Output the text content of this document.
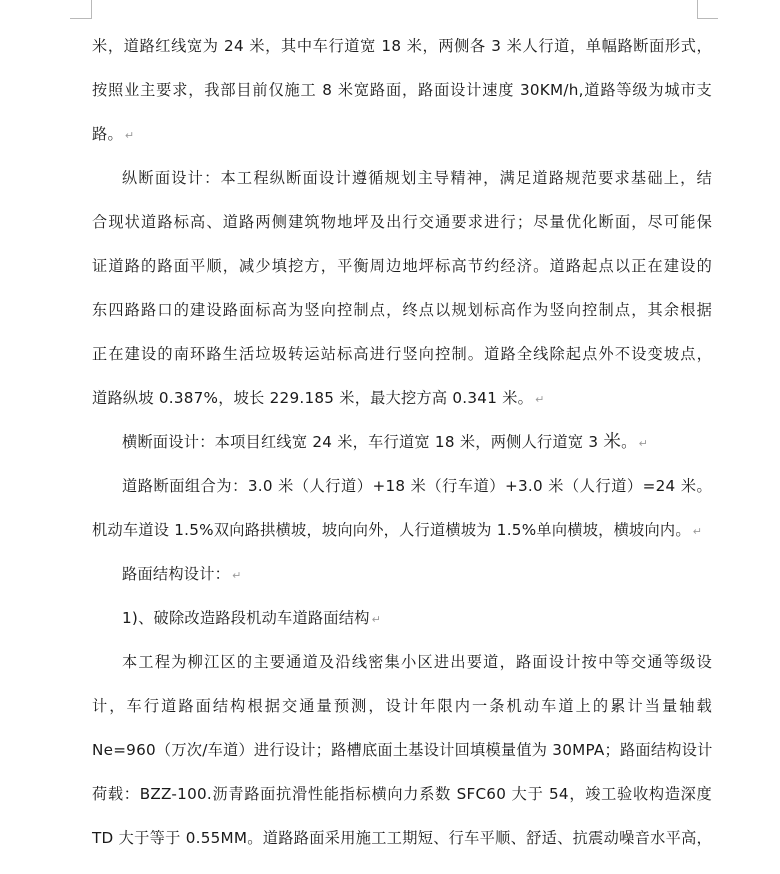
米，道路红线宽为 24 米，其中车行道宽 18 米，两侧各 3 米人行道，单幅路断面形式，
按照业主要求，我部目前仅施工 8 米宽路面，路面设计速度 30KM/h,道路等级为城市支
路。 ↵
纵断面设计：本工程纵断面设计遵循规划主导精神，满足道路规范要求基础上，结
合现状道路标高、道路两侧建筑物地坪及出行交通要求进行；尽量优化断面，尽可能保
证道路的路面平顺，减少填挖方，平衡周边地坪标高节约经济。道路起点以正在建设的
东四路路口的建设路面标高为竖向控制点，终点以规划标高作为竖向控制点，其余根据
正在建设的南环路生活垃圾转运站标高进行竖向控制。道路全线除起点外不设变坡点，
道路纵坡 0.387%，坡长 229.185 米，最大挖方高 0.341 米。 ↵
横断面设计：本项目红线宽 24 米，车行道宽 18 米，两侧人行道宽 3 米。 ↵
道路断面组合为：3.0 米（人行道）+18 米（行车道）+3.0 米（人行道）=24 米。
机动车道设 1.5%双向路拱横坡，坡向向外，人行道横坡为 1.5%单向横坡，横坡向内。 ↵
路面结构设计： ↵
1)、破除改造路段机动车道路面结构 ↵
本工程为柳江区的主要通道及沿线密集小区进出要道，路面设计按中等交通等级设
计，车行道路面结构根据交通量预测，设计年限内一条机动车道上的累计当量轴载
Ne=960（万次/车道）进行设计；路槽底面土基设计回填模量值为 30MPA；路面结构设计
荷载：BZZ-100.沥青路面抗滑性能指标横向力系数 SFC60 大于 54，竣工验收构造深度
TD 大于等于 0.55MM。道路路面采用施工工期短、行车平顺、舒适、抗震动噪音水平高，
